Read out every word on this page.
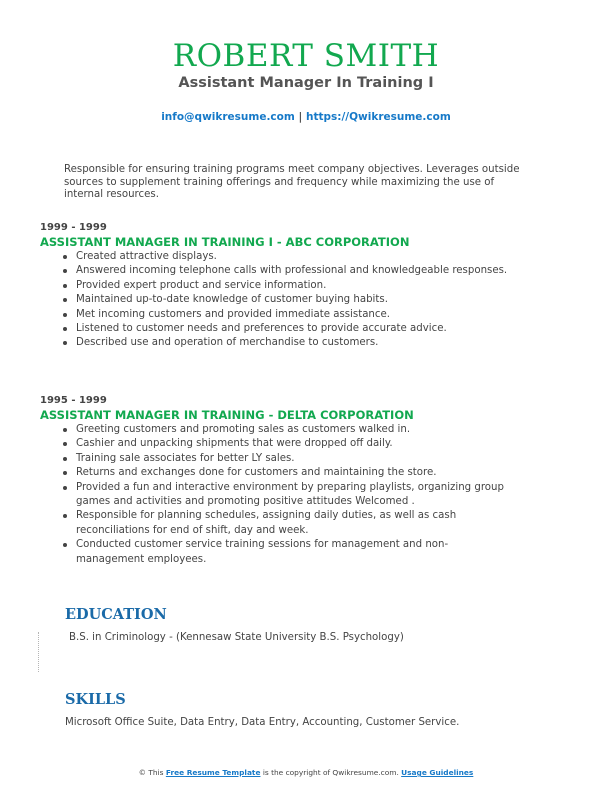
ROBERT SMITH
Assistant Manager In Training I
info@qwikresume.com | https://Qwikresume.com
Responsible for ensuring training programs meet company objectives. Leverages outside sources to supplement training offerings and frequency while maximizing the use of internal resources.
1999 - 1999
ASSISTANT MANAGER IN TRAINING I - ABC CORPORATION
Created attractive displays.
Answered incoming telephone calls with professional and knowledgeable responses.
Provided expert product and service information.
Maintained up-to-date knowledge of customer buying habits.
Met incoming customers and provided immediate assistance.
Listened to customer needs and preferences to provide accurate advice.
Described use and operation of merchandise to customers.
1995 - 1999
ASSISTANT MANAGER IN TRAINING - DELTA CORPORATION
Greeting customers and promoting sales as customers walked in.
Cashier and unpacking shipments that were dropped off daily.
Training sale associates for better LY sales.
Returns and exchanges done for customers and maintaining the store.
Provided a fun and interactive environment by preparing playlists, organizing group games and activities and promoting positive attitudes Welcomed .
Responsible for planning schedules, assigning daily duties, as well as cash reconciliations for end of shift, day and week.
Conducted customer service training sessions for management and non-management employees.
EDUCATION
B.S. in Criminology - (Kennesaw State University B.S. Psychology)
SKILLS
Microsoft Office Suite, Data Entry, Data Entry, Accounting, Customer Service.
© This Free Resume Template is the copyright of Qwikresume.com. Usage Guidelines
